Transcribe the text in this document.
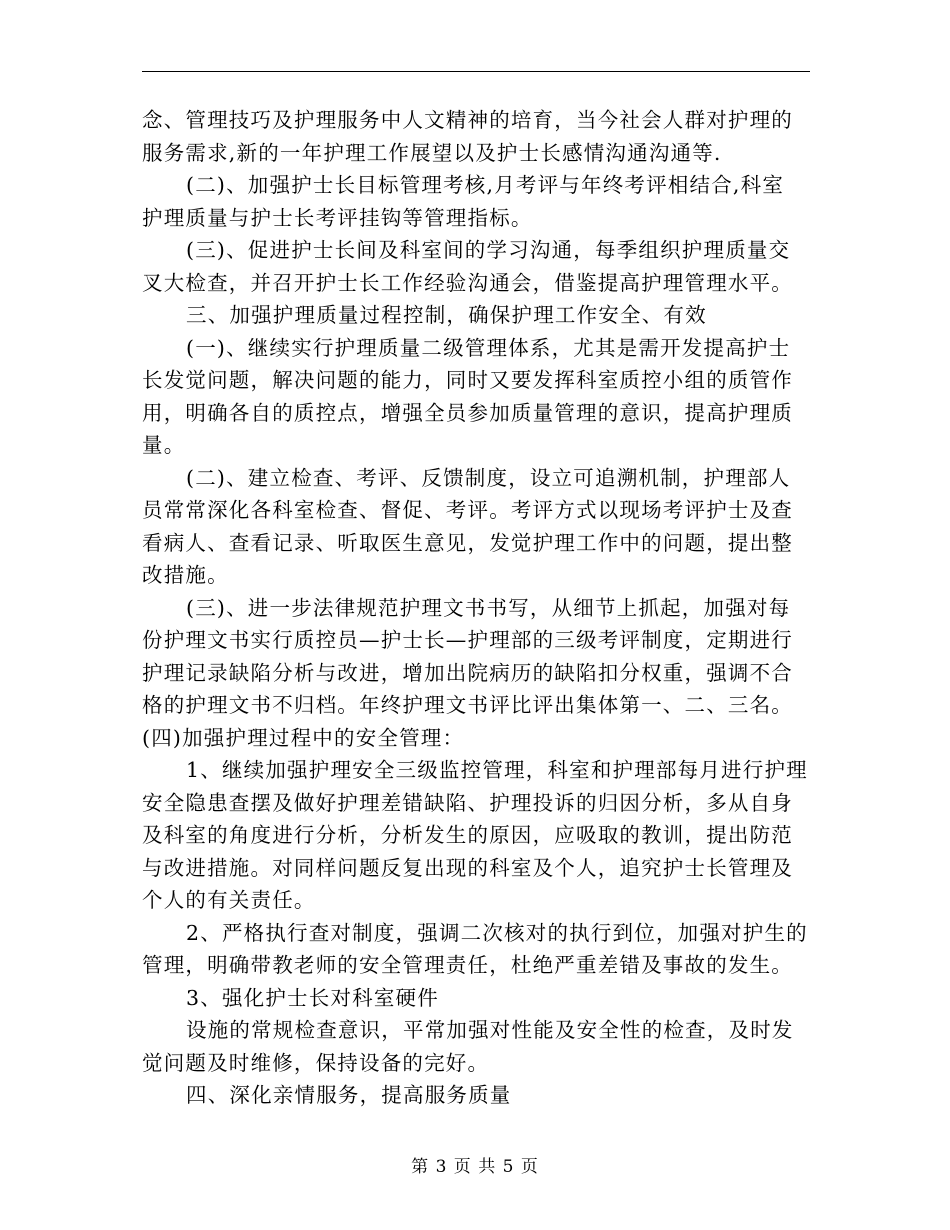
念、管理技巧及护理服务中人文精神的培育，当今社会人群对护理的
服务需求,新的一年护理工作展望以及护士长感情沟通沟通等.
(二)、加强护士长目标管理考核,月考评与年终考评相结合,科室
护理质量与护士长考评挂钩等管理指标。
(三)、促进护士长间及科室间的学习沟通，每季组织护理质量交
叉大检查，并召开护士长工作经验沟通会，借鉴提高护理管理水平。
三、加强护理质量过程控制，确保护理工作安全、有效
(一)、继续实行护理质量二级管理体系，尤其是需开发提高护士
长发觉问题，解决问题的能力，同时又要发挥科室质控小组的质管作
用，明确各自的质控点，增强全员参加质量管理的意识，提高护理质
量。
(二)、建立检查、考评、反馈制度，设立可追溯机制，护理部人
员常常深化各科室检查、督促、考评。考评方式以现场考评护士及查
看病人、查看记录、听取医生意见，发觉护理工作中的问题，提出整
改措施。
(三)、进一步法律规范护理文书书写，从细节上抓起，加强对每
份护理文书实行质控员—护士长—护理部的三级考评制度，定期进行
护理记录缺陷分析与改进，增加出院病历的缺陷扣分权重，强调不合
格的护理文书不归档。年终护理文书评比评出集体第一、二、三名。
(四)加强护理过程中的安全管理：
1、继续加强护理安全三级监控管理，科室和护理部每月进行护理
安全隐患查摆及做好护理差错缺陷、护理投诉的归因分析，多从自身
及科室的角度进行分析，分析发生的原因，应吸取的教训，提出防范
与改进措施。对同样问题反复出现的科室及个人，追究护士长管理及
个人的有关责任。
2、严格执行查对制度，强调二次核对的执行到位，加强对护生的
管理，明确带教老师的安全管理责任，杜绝严重差错及事故的发生。
3、强化护士长对科室硬件
设施的常规检查意识，平常加强对性能及安全性的检查，及时发
觉问题及时维修，保持设备的完好。
四、深化亲情服务，提高服务质量
第 3 页 共 5 页
